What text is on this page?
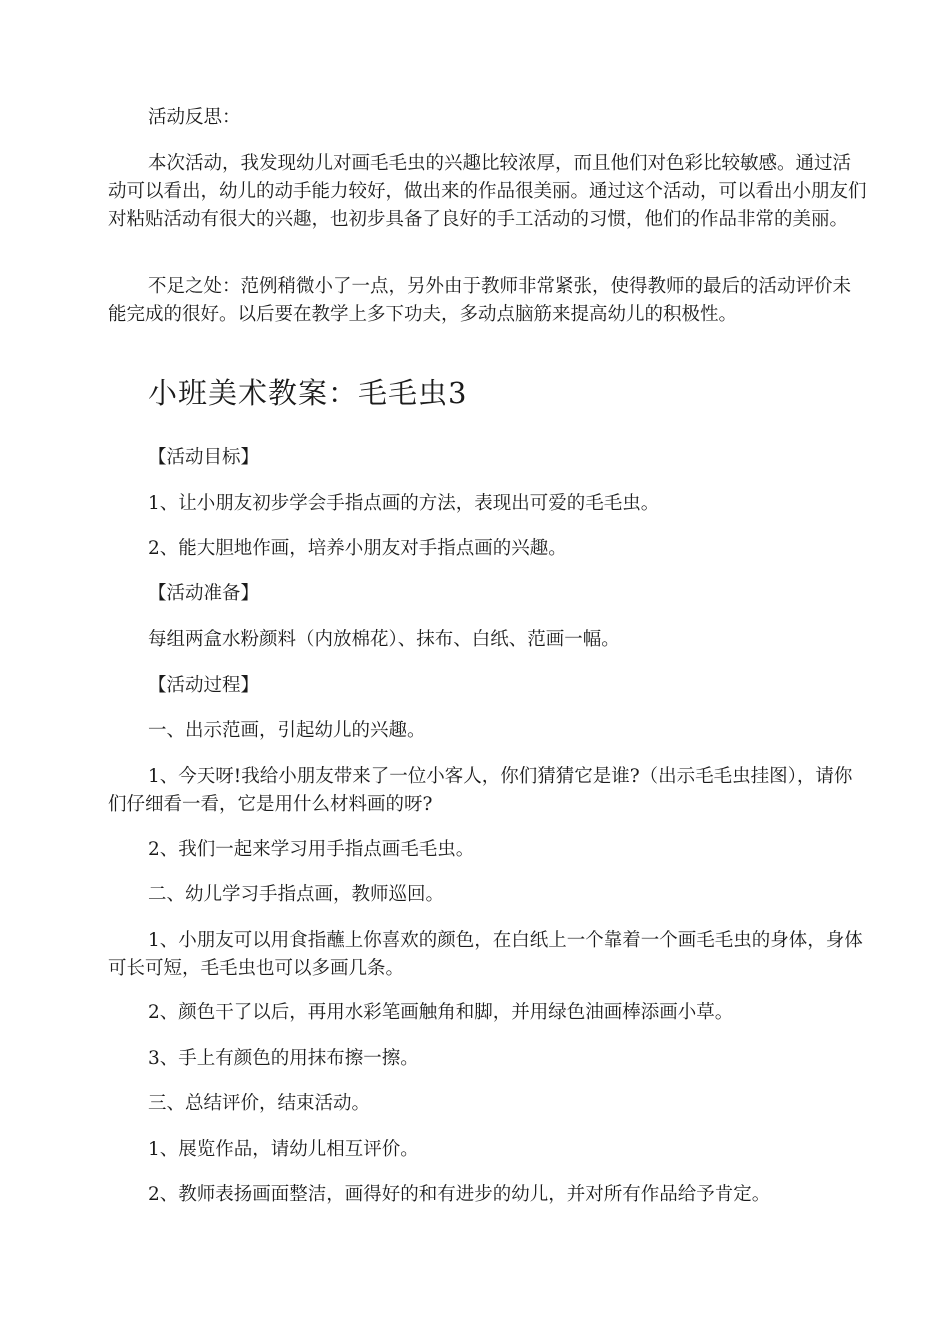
活动反思：

本次活动，我发现幼儿对画毛毛虫的兴趣比较浓厚，而且他们对色彩比较敏感。通过活动可以看出，幼儿的动手能力较好，做出来的作品很美丽。通过这个活动，可以看出小朋友们对粘贴活动有很大的兴趣，也初步具备了良好的手工活动的习惯，他们的作品非常的美丽。

不足之处：范例稍微小了一点，另外由于教师非常紧张，使得教师的最后的活动评价未能完成的很好。以后要在教学上多下功夫，多动点脑筋来提高幼儿的积极性。

小班美术教案：毛毛虫3

【活动目标】

1、让小朋友初步学会手指点画的方法，表现出可爱的毛毛虫。

2、能大胆地作画，培养小朋友对手指点画的兴趣。

【活动准备】

每组两盒水粉颜料（内放棉花）、抹布、白纸、范画一幅。

【活动过程】

一、出示范画，引起幼儿的兴趣。

1、今天呀!我给小朋友带来了一位小客人，你们猜猜它是谁?（出示毛毛虫挂图），请你们仔细看一看，它是用什么材料画的呀?

2、我们一起来学习用手指点画毛毛虫。

二、幼儿学习手指点画，教师巡回。

1、小朋友可以用食指蘸上你喜欢的颜色，在白纸上一个靠着一个画毛毛虫的身体，身体可长可短，毛毛虫也可以多画几条。

2、颜色干了以后，再用水彩笔画触角和脚，并用绿色油画棒添画小草。

3、手上有颜色的用抹布擦一擦。

三、总结评价，结束活动。

1、展览作品，请幼儿相互评价。

2、教师表扬画面整洁，画得好的和有进步的幼儿，并对所有作品给予肯定。
